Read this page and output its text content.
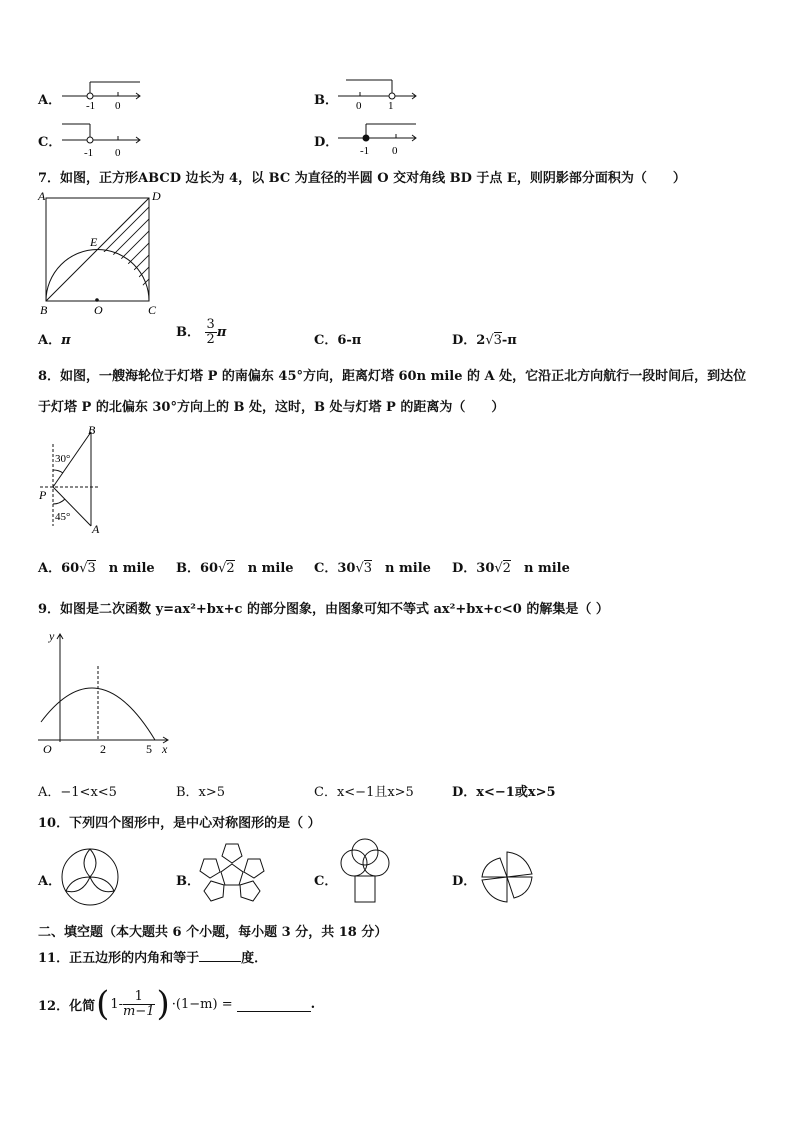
A． -1 0	B． 0 1
C．
-1 0
D．
-1 0
7．如图，正方形ABCD 边长为 4，以 BC 为直径的半圆 O 交对角线 BD 于点 E，则阴影部分面积为（　　）
A	D
E
B	O	C
A．π
B． $\frac{3}{2}$ π
C．6-π	D．2√3-π
8．如图，一艘海轮位于灯塔 P 的南偏东 45°方向，距离灯塔 60n mile 的 A 处，它沿正北方向航行一段时间后，到达位
于灯塔 P 的北偏东 30°方向上的 B 处，这时，B 处与灯塔 P 的距离为（　　）
B
30°
P
45°
A
A．60√3　 n mile B．60√2　 n mile C．30√3　 n mile D．30√2　 n mile
9．如图是二次函数 y=ax²+bx+c 的部分图象，由图象可知不等式 ax²+bx+c<0 的解集是（ ）
y
x
O	2	5
A．−1<x<5	B．x>5	C．x<−1且x>5	D．x<−1或x>5
10．下列四个图形中，是中心对称图形的是（ ）
A．	B．	C．	D．
二、填空题（本大题共 6 个小题，每小题 3 分，共 18 分）
11．正五边形的内角和等于	度．
12．化简 ( $1- \frac{1}{m-1}$ ) ·(1−m) =	.
